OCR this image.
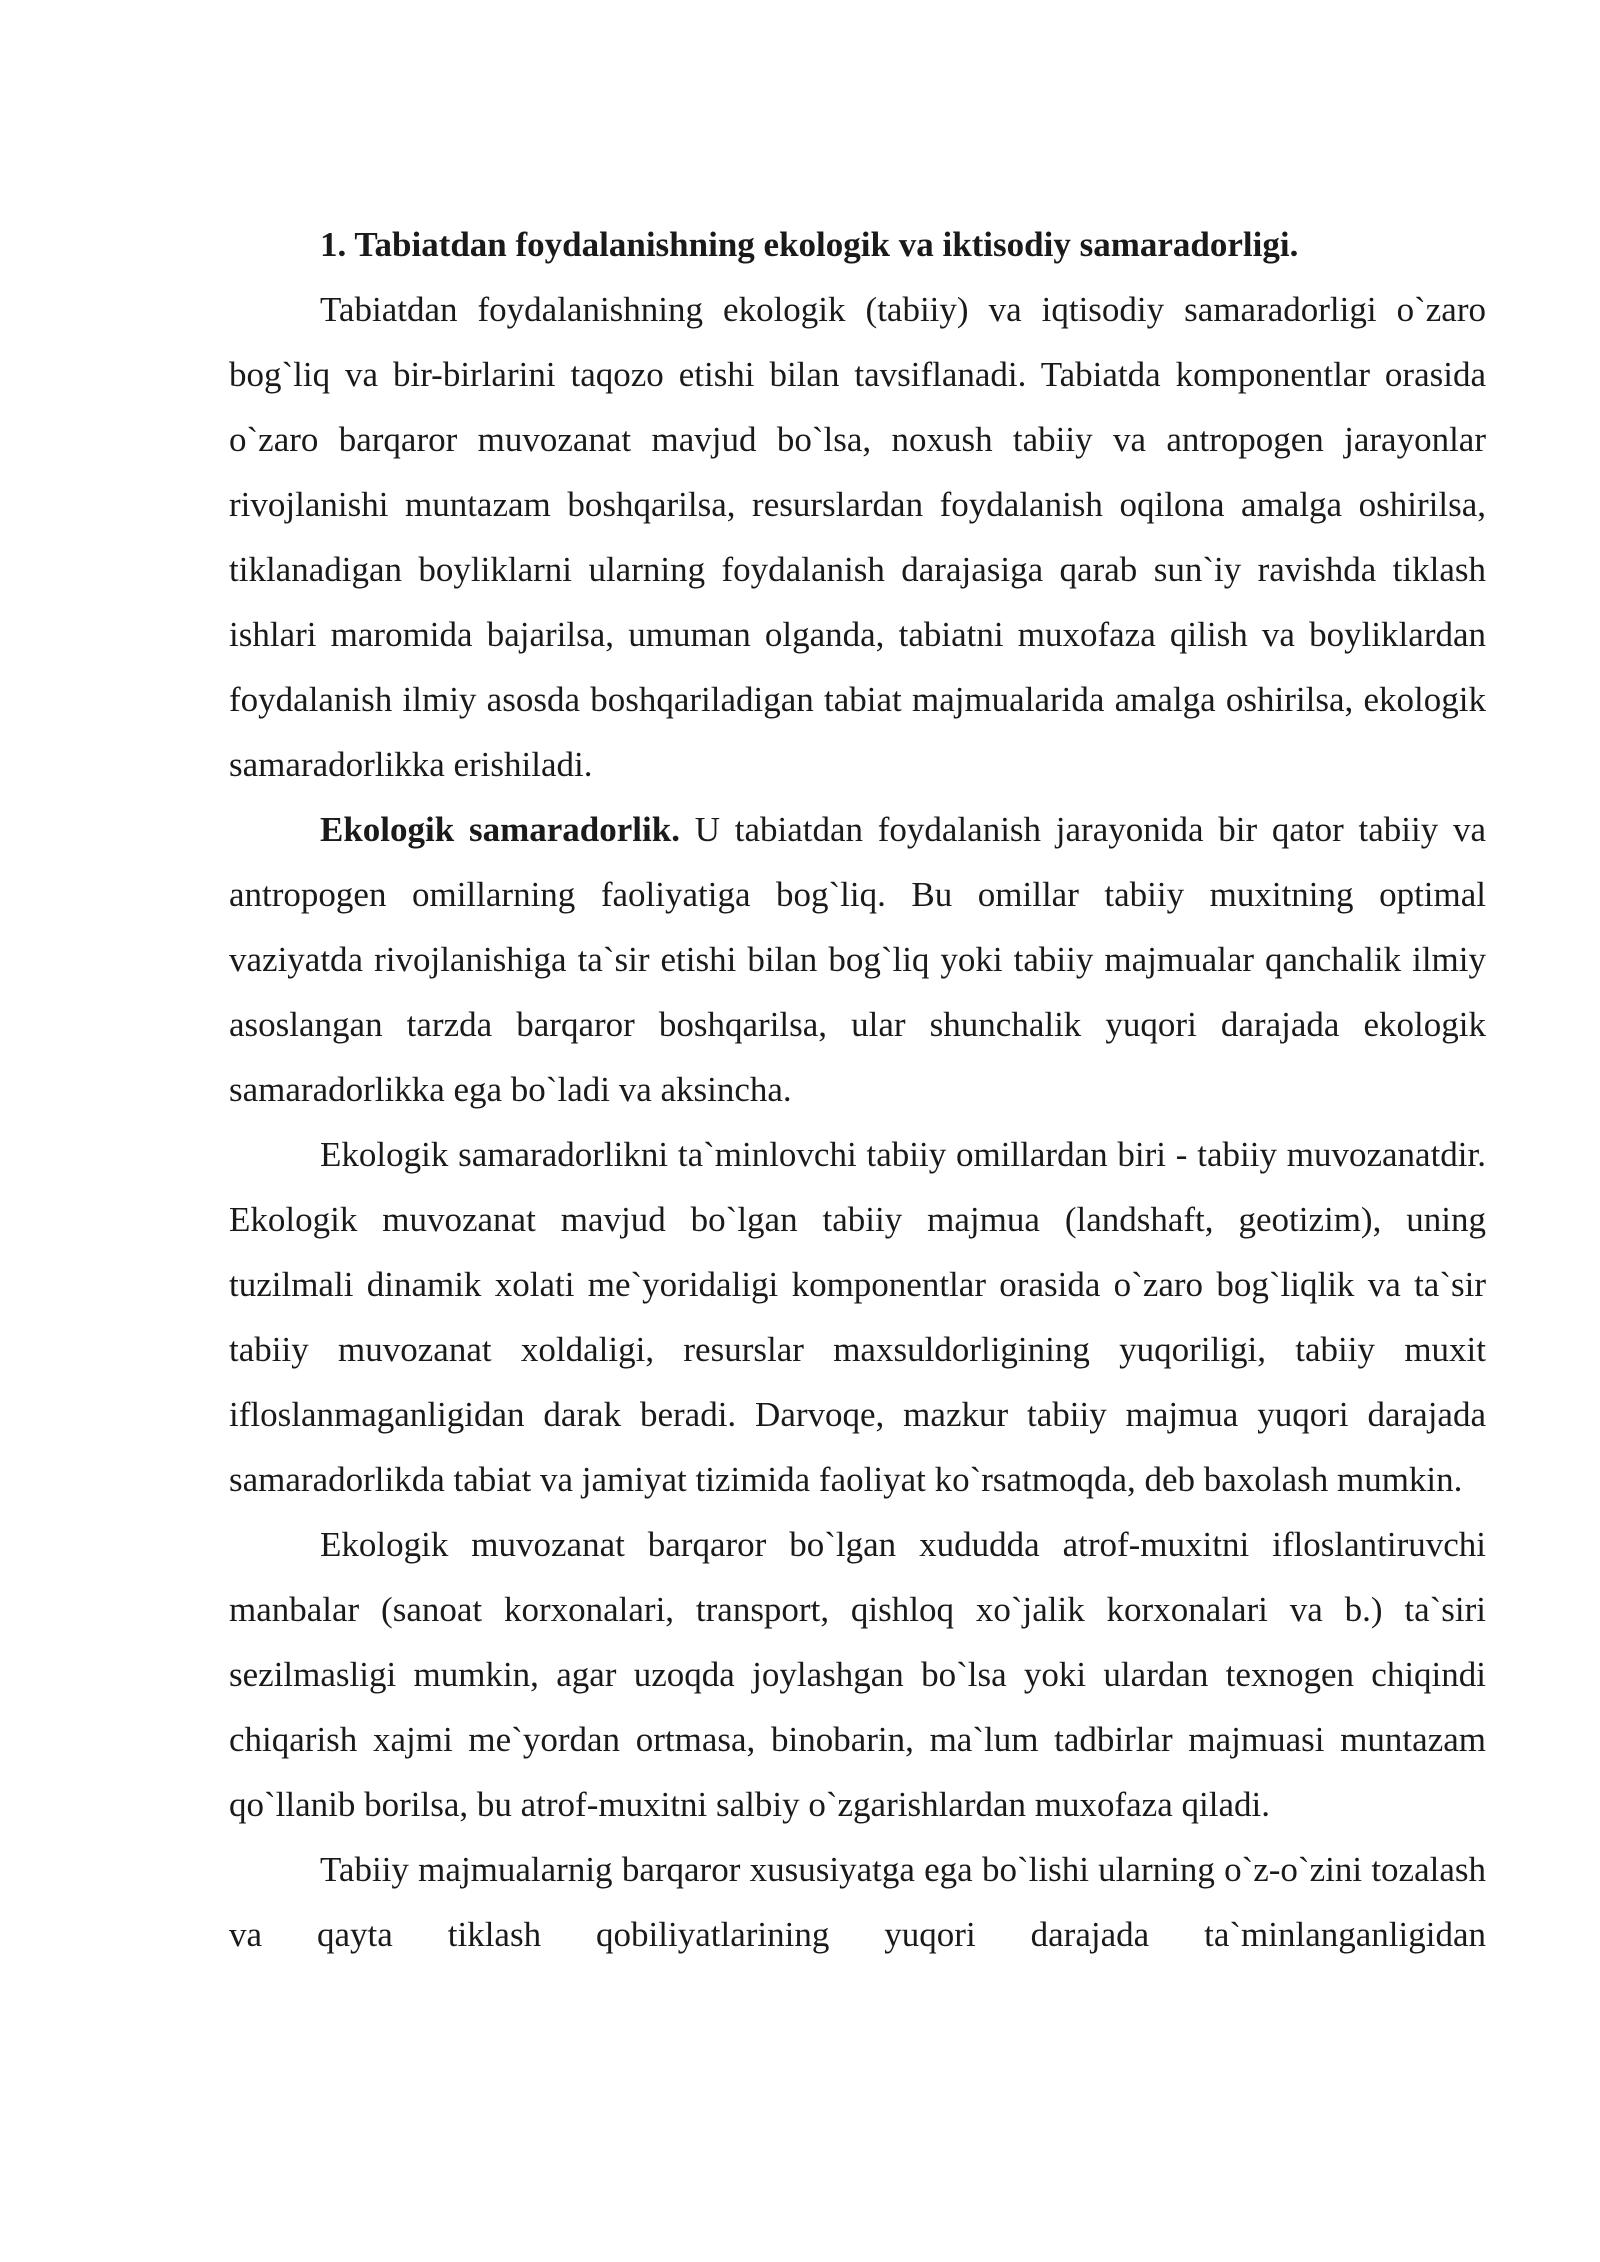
1. Tabiatdan foydalanishning ekologik va iktisodiy samaradorligi.

Tabiatdan foydalanishning ekologik (tabiiy) va iqtisodiy samaradorligi o`zaro bog`liq va bir-birlarini taqozo etishi bilan tavsiflanadi. Tabiatda komponentlar orasida o`zaro barqaror muvozanat mavjud bo`lsa, noxush tabiiy va antropogen jarayonlar rivojlanishi muntazam boshqarilsa, resurslardan foydalanish oqilona amalga oshirilsa, tiklanadigan boyliklarni ularning foydalanish darajasiga qarab sun`iy ravishda tiklash ishlari maromida bajarilsa, umuman olganda, tabiatni muxofaza qilish va boyliklardan foydalanish ilmiy asosda boshqariladigan tabiat majmualarida amalga oshirilsa, ekologik samaradorlikka erishiladi.

Ekologik samaradorlik. U tabiatdan foydalanish jarayonida bir qator tabiiy va antropogen omillarning faoliyatiga bog`liq. Bu omillar tabiiy muxitning optimal vaziyatda rivojlanishiga ta`sir etishi bilan bog`liq yoki tabiiy majmualar qanchalik ilmiy asoslangan tarzda barqaror boshqarilsa, ular shunchalik yuqori darajada ekologik samaradorlikka ega bo`ladi va aksincha.

Ekologik samaradorlikni ta`minlovchi tabiiy omillardan biri - tabiiy muvozanatdir. Ekologik muvozanat mavjud bo`lgan tabiiy majmua (landshaft, geotizim), uning tuzilmali dinamik xolati me`yoridaligi komponentlar orasida o`zaro bog`liqlik va ta`sir tabiiy muvozanat xoldaligi, resurslar maxsuldorligining yuqoriligi, tabiiy muxit ifloslanmaganligidan darak beradi. Darvoqe, mazkur tabiiy majmua yuqori darajada samaradorlikda tabiat va jamiyat tizimida faoliyat ko`rsatmoqda, deb baxolash mumkin.

Ekologik muvozanat barqaror bo`lgan xududda atrof-muxitni ifloslantiruvchi manbalar (sanoat korxonalari, transport, qishloq xo`jalik korxonalari va b.) ta`siri sezilmasligi mumkin, agar uzoqda joylashgan bo`lsa yoki ulardan texnogen chiqindi chiqarish xajmi me`yordan ortmasa, binobarin, ma`lum tadbirlar majmuasi muntazam qo`llanib borilsa, bu atrof-muxitni salbiy o`zgarishlardan muxofaza qiladi.

Tabiiy majmualarnig barqaror xususiyatga ega bo`lishi ularning o`z-o`zini tozalash va qayta tiklash qobiliyatlarining yuqori darajada ta`minlanganligidan
